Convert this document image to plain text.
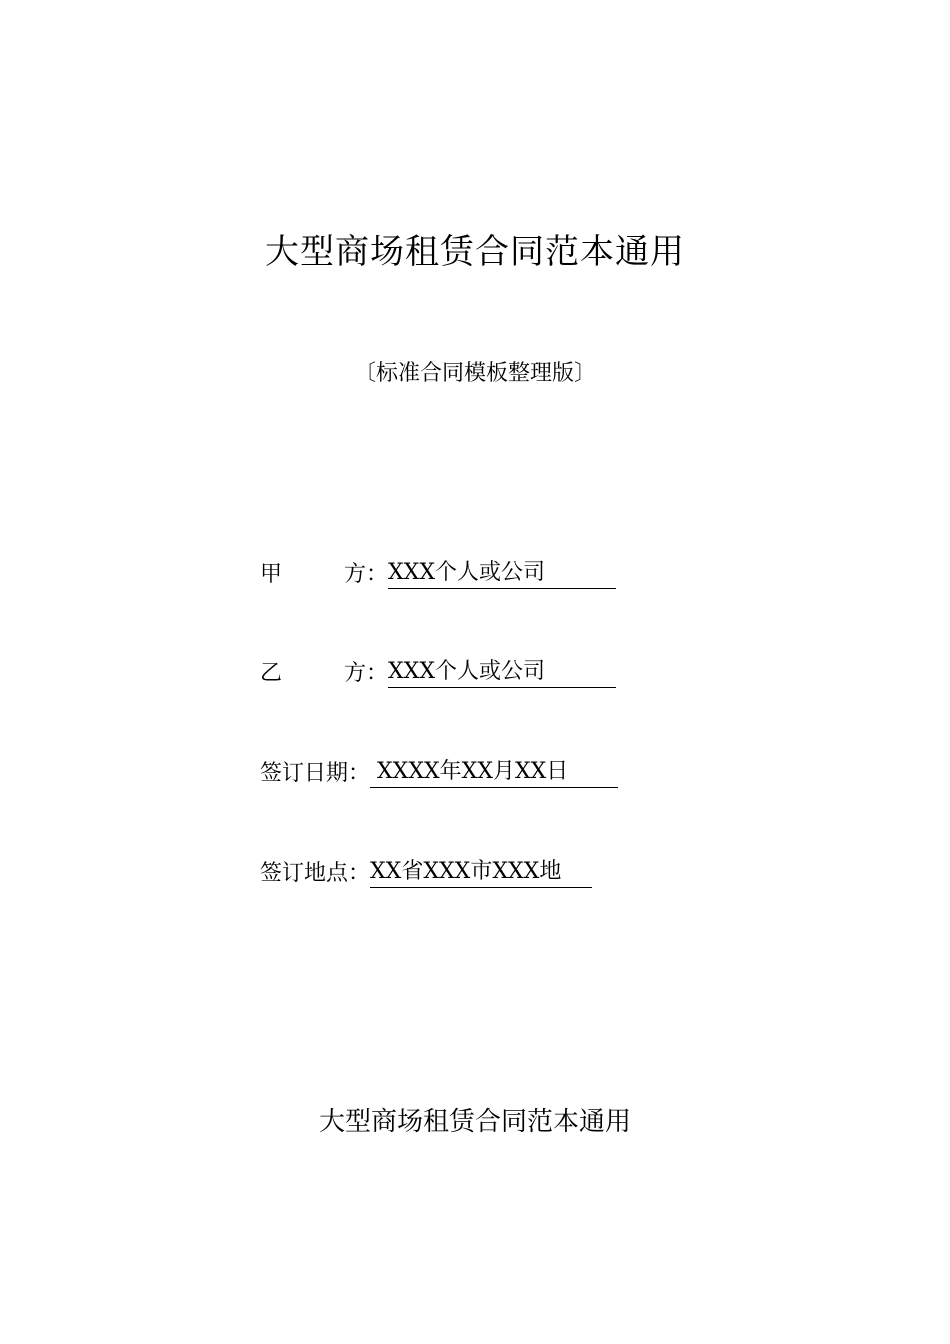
大型商场租赁合同范本通用
〔标准合同模板整理版〕
甲	方： XXX个人或公司
乙	方： XXX个人或公司
签订日期： XXXX年XX月XX日
签订地点：XX省XXX市XXX地
大型商场租赁合同范本通用
